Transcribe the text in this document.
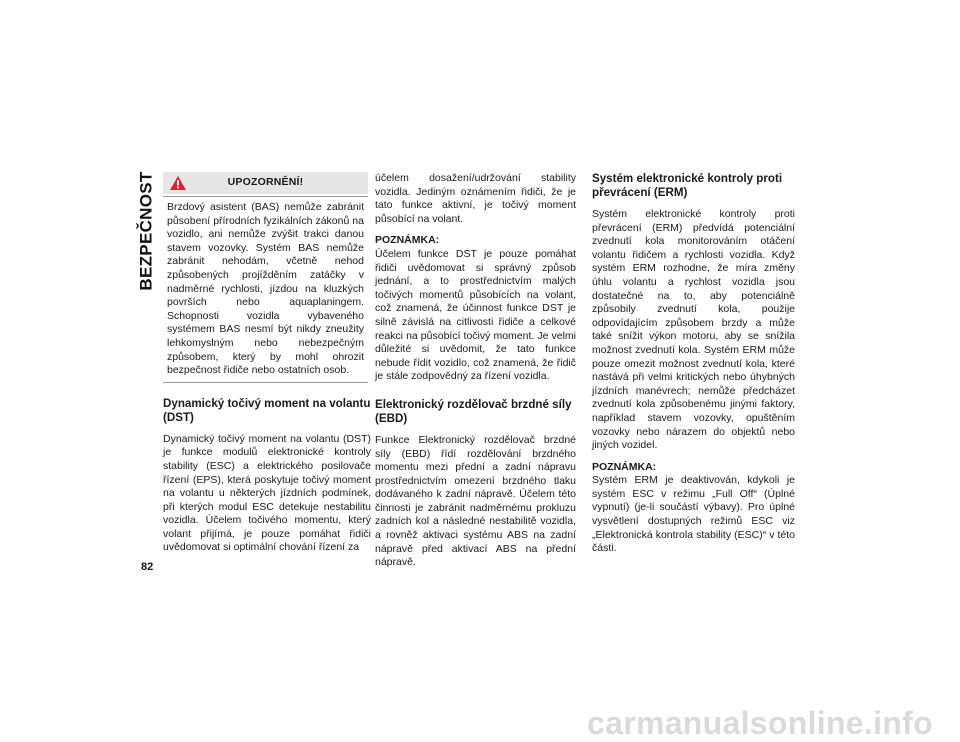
BEZPEČNOST
82
UPOZORNĚNÍ!

Brzdový asistent (BAS) nemůže zabránit působení přírodních fyzikálních zákonů na vozidlo, ani nemůže zvýšit trakci danou stavem vozovky. Systém BAS nemůže zabránit nehodám, včetně nehod způsobených projížděním zatáčky v nadměrné rychlosti, jízdou na kluzkých površích nebo aquaplaningem. Schopnosti vozidla vybaveného systémem BAS nesmí být nikdy zneužity lehkomyslným nebo nebezpečným způsobem, který by mohl ohrozit bezpečnost řidiče nebo ostatních osob.

Dynamický točivý moment na volantu (DST)

Dynamický točivý moment na volantu (DST) je funkce modulů elektronické kontroly stability (ESC) a elektrického posilovače řízení (EPS), která poskytuje točivý moment na volantu u některých jízdních podmínek, při kterých modul ESC detekuje nestabilitu vozidla. Účelem točivého momentu, který volant přijímá, je pouze pomáhat řidiči uvědomovat si optimální chování řízení za

účelem dosažení/udržování stability vozidla. Jediným oznámením řidiči, že je tato funkce aktivní, je točivý moment působící na volant.

POZNÁMKA:

Účelem funkce DST je pouze pomáhat řidiči uvědomovat si správný způsob jednání, a to prostřednictvím malých točivých momentů působících na volant, což znamená, že účinnost funkce DST je silně závislá na citlivosti řidiče a celkové reakci na působící točivý moment. Je velmi důležité si uvědomit, že tato funkce nebude řídit vozidlo, což znamená, že řidič je stále zodpovědný za řízení vozidla.

Elektronický rozdělovač brzdné síly (EBD)

Funkce Elektronický rozdělovač brzdné síly (EBD) řídí rozdělování brzdného momentu mezi přední a zadní nápravu prostřednictvím omezení brzdného tlaku dodávaného k zadní nápravě. Účelem této činnosti je zabránit nadměrnému prokluzu zadních kol a následné nestabilitě vozidla, a rovněž aktivaci systému ABS na zadní nápravě před aktivací ABS na přední nápravě.

Systém elektronické kontroly proti převrácení (ERM)

Systém elektronické kontroly proti převrácení (ERM) předvídá potenciální zvednutí kola monitorováním otáčení volantu řidičem a rychlosti vozidla. Když systém ERM rozhodne, že míra změny úhlu volantu a rychlost vozidla jsou dostatečné na to, aby potenciálně způsobily zvednutí kola, použije odpovídajícím způsobem brzdy a může také snížit výkon motoru, aby se snížila možnost zvednutí kola. Systém ERM může pouze omezit možnost zvednutí kola, které nastává při velmi kritických nebo úhybných jízdních manévrech; nemůže předcházet zvednutí kola způsobenému jinými faktory, například stavem vozovky, opuštěním vozovky nebo nárazem do objektů nebo jiných vozidel.

POZNÁMKA:

Systém ERM je deaktivován, kdykoli je systém ESC v režimu „Full Off“ (Úplné vypnutí) (je-li součástí výbavy). Pro úplné vysvětlení dostupných režimů ESC viz „Elektronická kontrola stability (ESC)“ v této části.

carmanualsonline.info
